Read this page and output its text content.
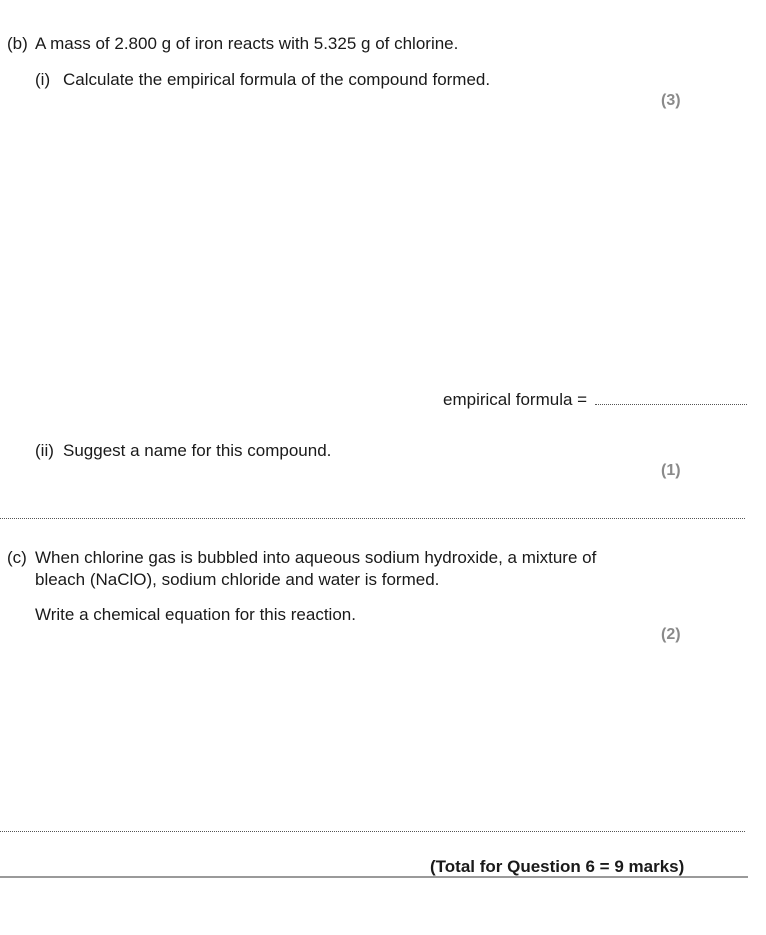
(b) A mass of 2.800 g of iron reacts with 5.325 g of chlorine.
(i) Calculate the empirical formula of the compound formed.
(3)
empirical formula =
(ii) Suggest a name for this compound.
(1)
(c) When chlorine gas is bubbled into aqueous sodium hydroxide, a mixture of
bleach (NaClO), sodium chloride and water is formed.
Write a chemical equation for this reaction.
(2)
(Total for Question 6 = 9 marks)
